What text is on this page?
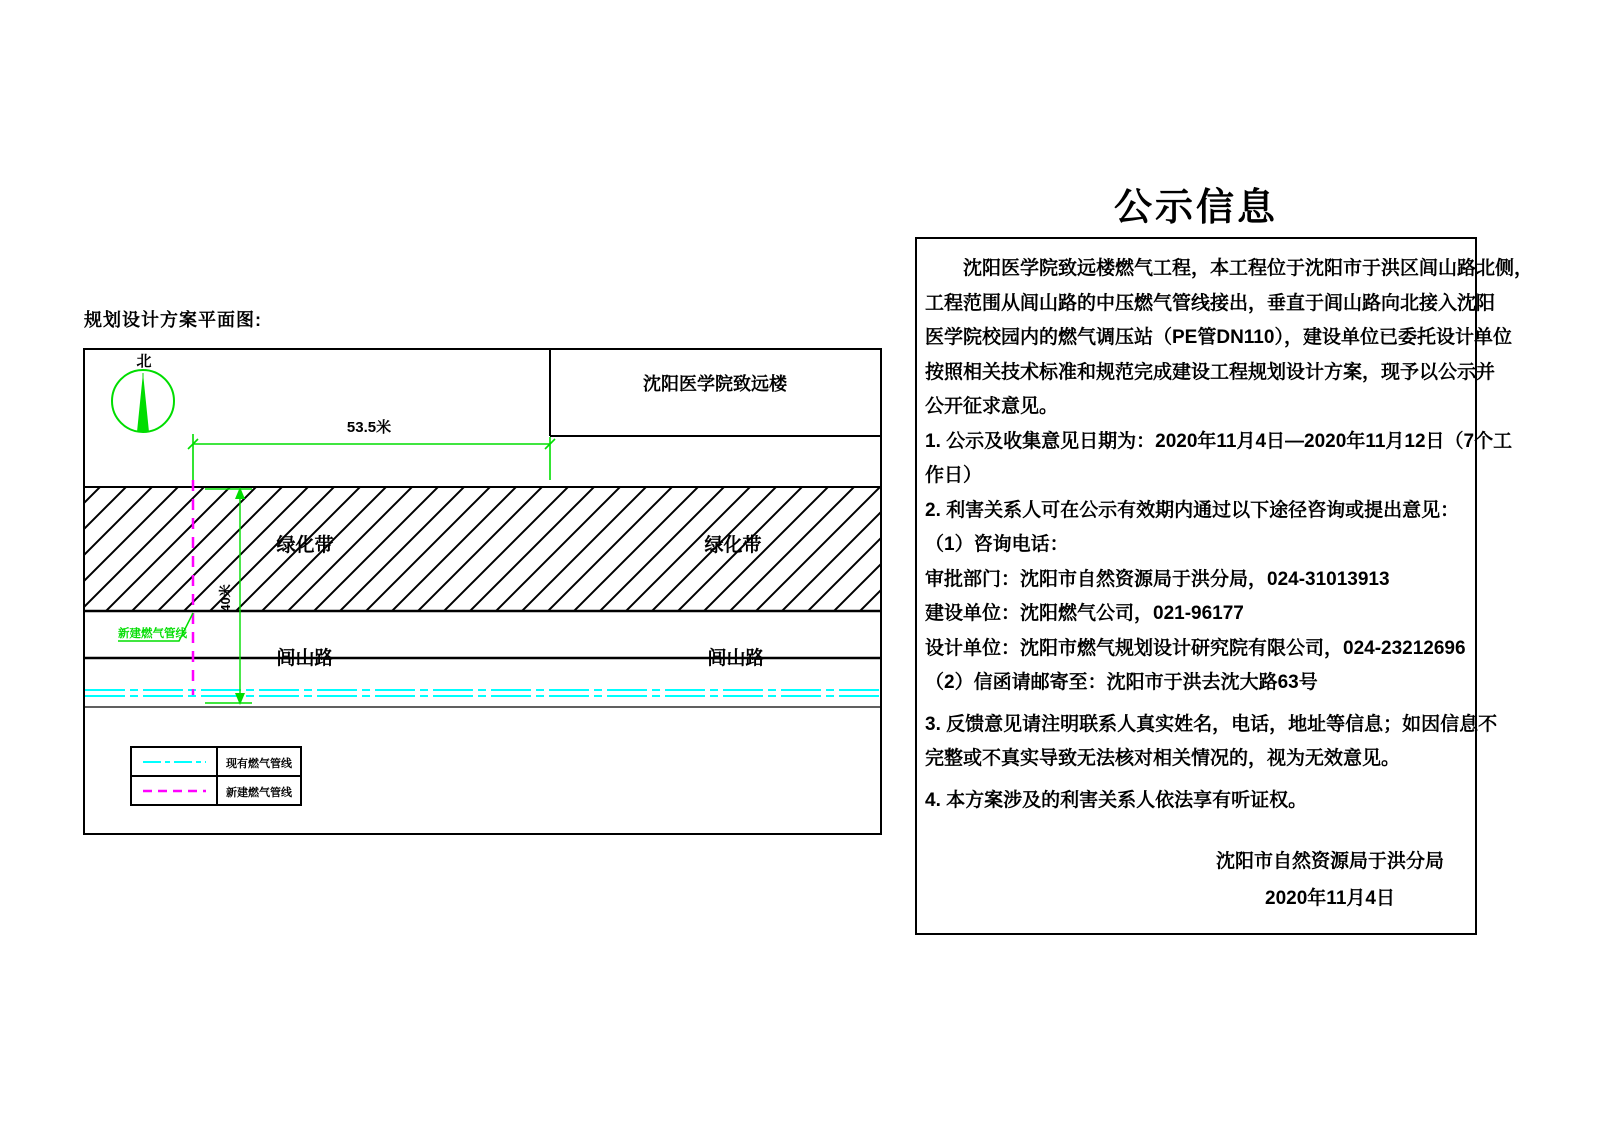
规划设计方案平面图:
沈阳医学院致远楼
北
53.5米
绿化带	绿化带
闾山路	闾山路
40米
新建燃气管线
现有燃气管线
新建燃气管线
公示信息

沈阳医学院致远楼燃气工程，本工程位于沈阳市于洪区闾山路北侧，

工程范围从闾山路的中压燃气管线接出，垂直于闾山路向北接入沈阳

医学院校园内的燃气调压站（PE管DN110），建设单位已委托设计单位

按照相关技术标准和规范完成建设工程规划设计方案，现予以公示并

公开征求意见。

1. 公示及收集意见日期为：2020年11月4日—2020年11月12日（7个工

作日）

2. 利害关系人可在公示有效期内通过以下途径咨询或提出意见：

（1）咨询电话：

审批部门：沈阳市自然资源局于洪分局，024-31013913

建设单位：沈阳燃气公司，021-96177

设计单位：沈阳市燃气规划设计研究院有限公司，024-23212696

（2）信函请邮寄至：沈阳市于洪去沈大路63号

3. 反馈意见请注明联系人真实姓名，电话，地址等信息；如因信息不

完整或不真实导致无法核对相关情况的，视为无效意见。

4. 本方案涉及的利害关系人依法享有听证权。

沈阳市自然资源局于洪分局

2020年11月4日
